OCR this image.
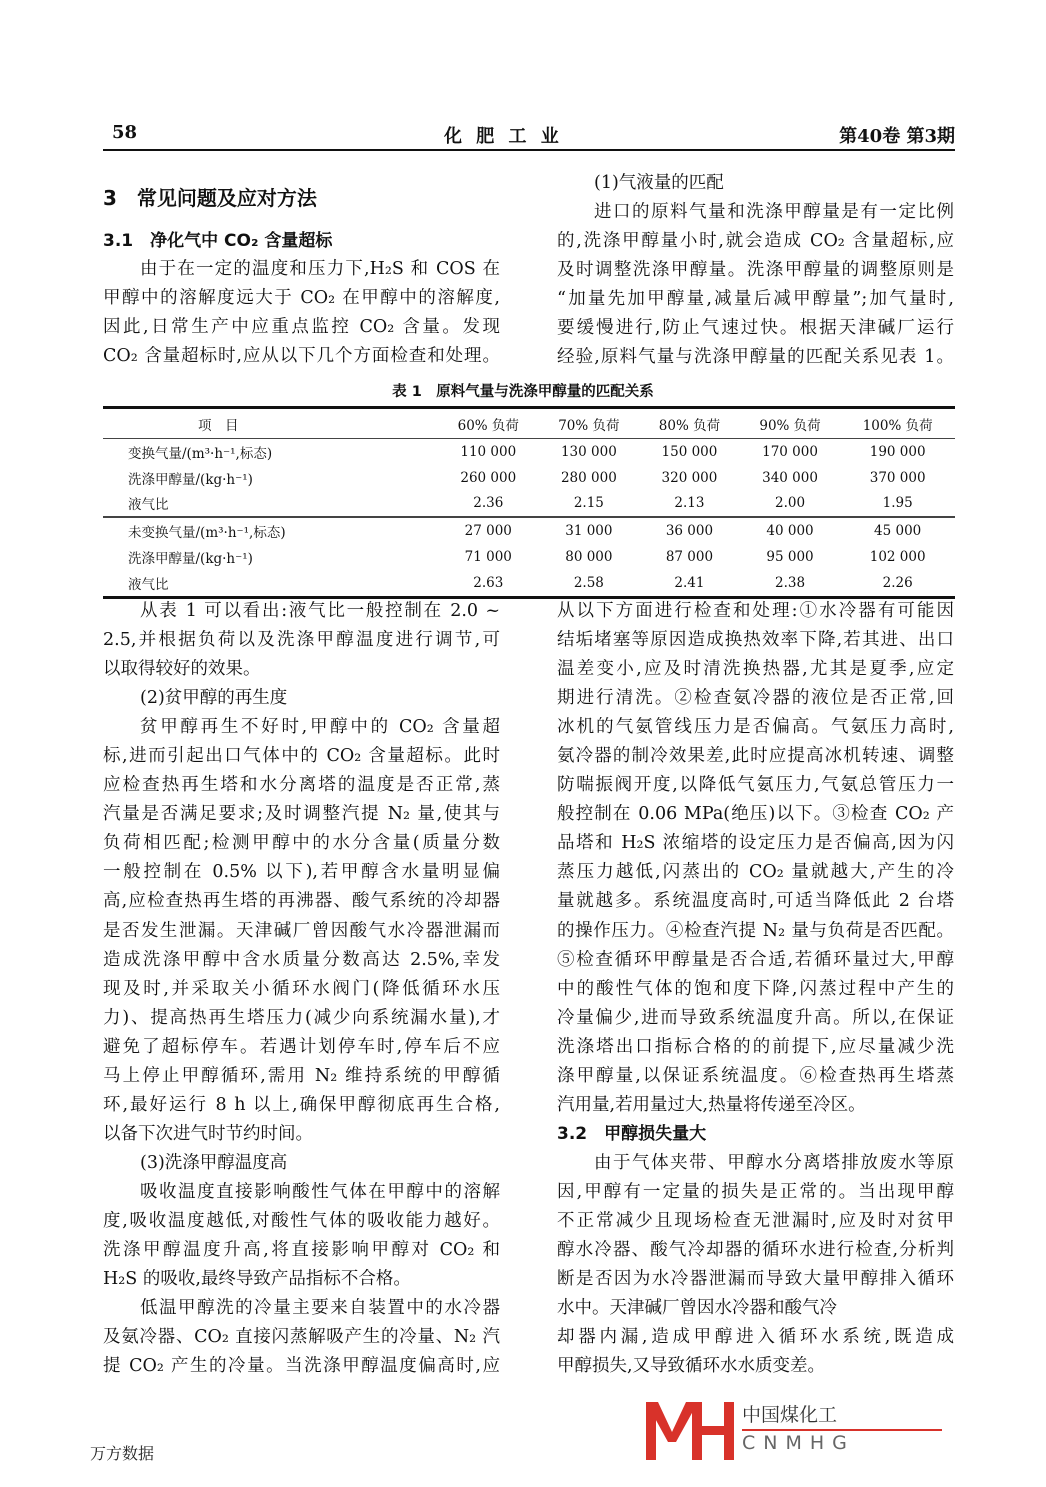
58	化 肥 工 业	第40卷 第3期
3　常见问题及应对方法
3.1　净化气中 CO₂ 含量超标
由于在一定的温度和压力下,H₂S 和 COS 在
甲醇中的溶解度远大于 CO₂ 在甲醇中的溶解度,
因此,日常生产中应重点监控 CO₂ 含量。发现
CO₂ 含量超标时,应从以下几个方面检查和处理。
(1)气液量的匹配
进口的原料气量和洗涤甲醇量是有一定比例
的,洗涤甲醇量小时,就会造成 CO₂ 含量超标,应
及时调整洗涤甲醇量。洗涤甲醇量的调整原则是
“加量先加甲醇量,减量后减甲醇量”;加气量时,
要缓慢进行,防止气速过快。根据天津碱厂运行
经验,原料气量与洗涤甲醇量的匹配关系见表 1。
表 1　原料气量与洗涤甲醇量的匹配关系
项　目	60% 负荷	70% 负荷	80% 负荷	90% 负荷	100% 负荷
变换气量/(m³·h⁻¹,标态)	110 000	130 000	150 000	170 000	190 000
洗涤甲醇量/(kg·h⁻¹)	260 000	280 000	320 000	340 000	370 000
液气比	2.36	2.15	2.13	2.00	1.95
未变换气量/(m³·h⁻¹,标态)	27 000	31 000	36 000	40 000	45 000
洗涤甲醇量/(kg·h⁻¹)	71 000	80 000	87 000	95 000	102 000
液气比	2.63	2.58	2.41	2.38	2.26
从表 1 可以看出:液气比一般控制在 2.0 ~
2.5,并根据负荷以及洗涤甲醇温度进行调节,可
以取得较好的效果。
(2)贫甲醇的再生度
贫甲醇再生不好时,甲醇中的 CO₂ 含量超
标,进而引起出口气体中的 CO₂ 含量超标。此时
应检查热再生塔和水分离塔的温度是否正常,蒸
汽量是否满足要求;及时调整汽提 N₂ 量,使其与
负荷相匹配;检测甲醇中的水分含量(质量分数
一般控制在 0.5% 以下),若甲醇含水量明显偏
高,应检查热再生塔的再沸器、酸气系统的冷却器
是否发生泄漏。天津碱厂曾因酸气水冷器泄漏而
造成洗涤甲醇中含水质量分数高达 2.5%,幸发
现及时,并采取关小循环水阀门(降低循环水压
力)、提高热再生塔压力(减少向系统漏水量),才
避免了超标停车。若遇计划停车时,停车后不应
马上停止甲醇循环,需用 N₂ 维持系统的甲醇循
环,最好运行 8 h 以上,确保甲醇彻底再生合格,
以备下次进气时节约时间。
(3)洗涤甲醇温度高
吸收温度直接影响酸性气体在甲醇中的溶解
度,吸收温度越低,对酸性气体的吸收能力越好。
洗涤甲醇温度升高,将直接影响甲醇对 CO₂ 和
H₂S 的吸收,最终导致产品指标不合格。
低温甲醇洗的冷量主要来自装置中的水冷器
及氨冷器、CO₂ 直接闪蒸解吸产生的冷量、N₂ 汽
提 CO₂ 产生的冷量。当洗涤甲醇温度偏高时,应
从以下方面进行检查和处理:①水冷器有可能因
结垢堵塞等原因造成换热效率下降,若其进、出口
温差变小,应及时清洗换热器,尤其是夏季,应定
期进行清洗。②检查氨冷器的液位是否正常,回
冰机的气氨管线压力是否偏高。气氨压力高时,
氨冷器的制冷效果差,此时应提高冰机转速、调整
防喘振阀开度,以降低气氨压力,气氨总管压力一
般控制在 0.06 MPa(绝压)以下。③检查 CO₂ 产
品塔和 H₂S 浓缩塔的设定压力是否偏高,因为闪
蒸压力越低,闪蒸出的 CO₂ 量就越大,产生的冷
量就越多。系统温度高时,可适当降低此 2 台塔
的操作压力。④检查汽提 N₂ 量与负荷是否匹配。
⑤检查循环甲醇量是否合适,若循环量过大,甲醇
中的酸性气体的饱和度下降,闪蒸过程中产生的
冷量偏少,进而导致系统温度升高。所以,在保证
洗涤塔出口指标合格的的前提下,应尽量减少洗
涤甲醇量,以保证系统温度。⑥检查热再生塔蒸
汽用量,若用量过大,热量将传递至冷区。
3.2　甲醇损失量大
由于气体夹带、甲醇水分离塔排放废水等原
因,甲醇有一定量的损失是正常的。当出现甲醇
不正常减少且现场检查无泄漏时,应及时对贫甲
醇水冷器、酸气冷却器的循环水进行检查,分析判
断是否因为水冷器泄漏而导致大量甲醇排入循环
水中。天津碱厂曾因水冷器和酸气冷
却器内漏,造成甲醇进入循环水系统,既造成
甲醇损失,又导致循环水水质变差。
中国煤化工
CNMHG
万方数据
